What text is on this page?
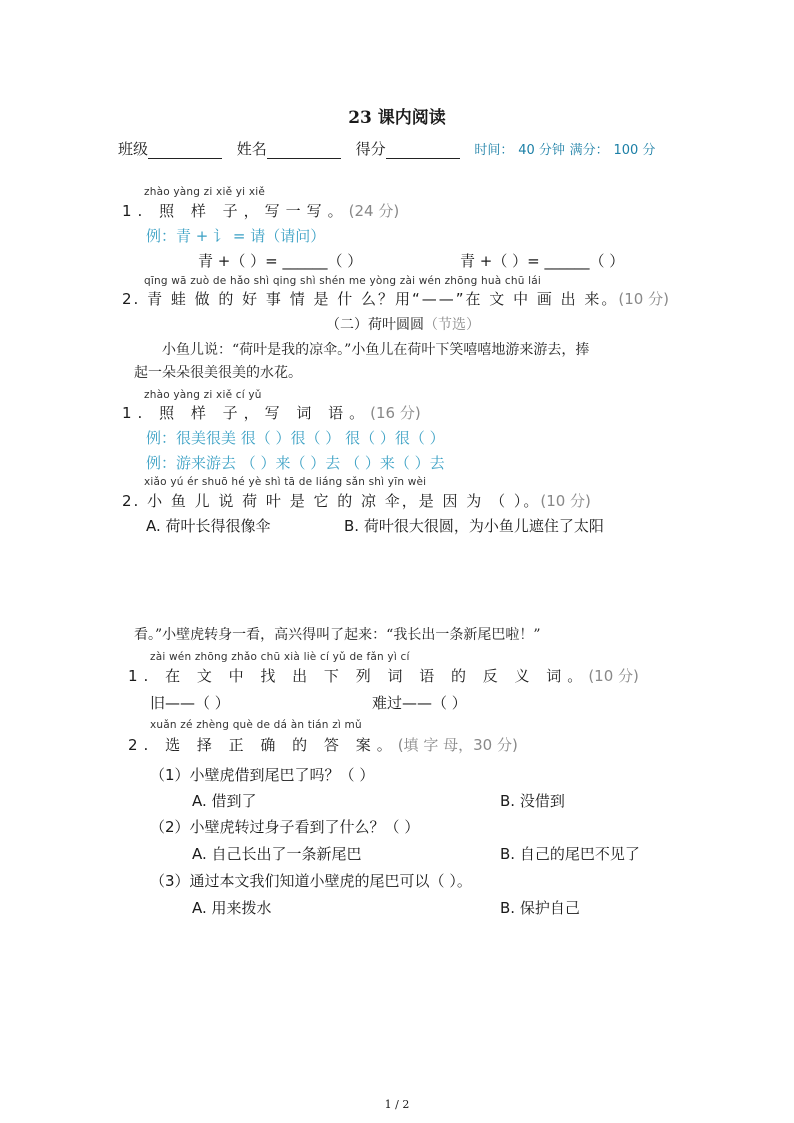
23 课内阅读
班级	姓名	得分	时间： 40 分钟 满分： 100 分
zhào yàng zi xiě yi xiě
1. 照 样 子，写一写。(24 分)
例：青 + 讠 = 请（请问）
青 +（ ）= ______（ ）	青 +（ ）= ______（ ）
qīng wā zuò de hǎo shì qing shì shén me yòng zài wén zhōng huà chū lái
2. 青 蛙 做 的 好 事 情 是 什 么？用“——”在 文 中 画 出 来。(10 分)
（二）荷叶圆圆（节选）
小鱼儿说：“荷叶是我的凉伞。”小鱼儿在荷叶下笑嘻嘻地游来游去，捧
起一朵朵很美很美的水花。
zhào yàng zi xiě cí yǔ
1. 照 样 子，写 词 语。(16 分)
例：很美很美 很（ ）很（ ） 很（ ）很（ ）
例：游来游去 （ ）来（ ）去 （ ）来（ ）去
xiǎo yú ér shuō hé yè shì tā de liáng sǎn shì yīn wèi
2. 小 鱼 儿 说 荷 叶 是 它 的 凉 伞，是 因 为 （ ）。(10 分)
A. 荷叶长得很像伞	B. 荷叶很大很圆，为小鱼儿遮住了太阳
看。”小壁虎转身一看，高兴得叫了起来：“我长出一条新尾巴啦！”
zài wén zhōng zhǎo chū xià liè cí yǔ de fǎn yì cí
1. 在 文 中 找 出 下 列 词 语 的 反 义 词。(10 分)
旧——（ ）	难过——（ ）
xuǎn zé zhèng què de dá àn tián zì mǔ
2. 选 择 正 确 的 答 案。(填 字 母，30 分)
（1）小壁虎借到尾巴了吗？（ ）
A. 借到了	B. 没借到
（2）小壁虎转过身子看到了什么？（ ）
A. 自己长出了一条新尾巴	B. 自己的尾巴不见了
（3）通过本文我们知道小壁虎的尾巴可以（ ）。
A. 用来拨水	B. 保护自己
1 / 2
